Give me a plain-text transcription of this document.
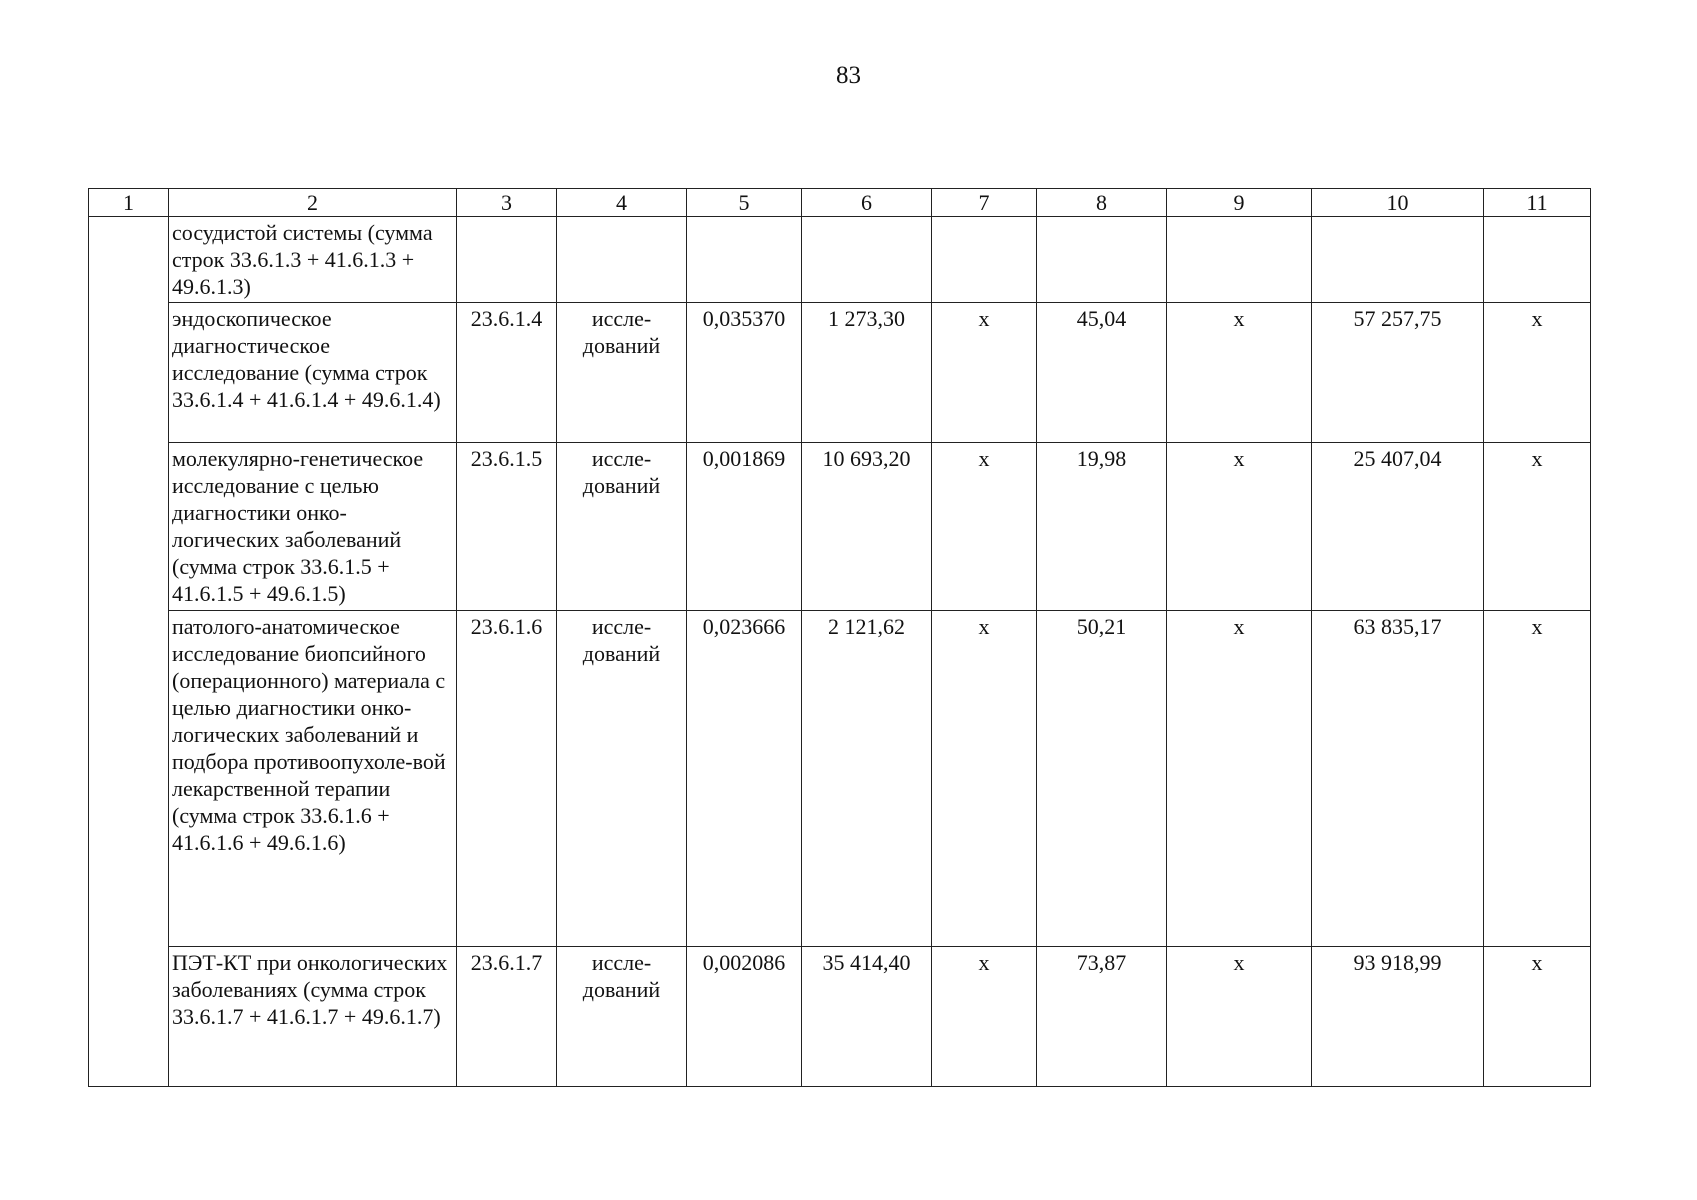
83
1	2	3	4	5	6	7	8	9	10	11
	сосудистой системы (сумма строк 33.6.1.3 + 41.6.1.3 + 49.6.1.3)									
	эндоскопическое диагностическое исследование (сумма строк 33.6.1.4 + 41.6.1.4 + 49.6.1.4)	23.6.1.4	иссле-дований	0,035370	1 273,30	х	45,04	х	57 257,75	х
	молекулярно-генетическое исследование с целью диагностики онко-логических заболеваний (сумма строк 33.6.1.5 + 41.6.1.5 + 49.6.1.5)	23.6.1.5	иссле-дований	0,001869	10 693,20	х	19,98	х	25 407,04	х
	патолого-анатомическое исследование биопсийного (операционного) материала с целью диагностики онко-логических заболеваний и подбора противоопухоле-вой лекарственной терапии (сумма строк 33.6.1.6 + 41.6.1.6 + 49.6.1.6)	23.6.1.6	иссле-дований	0,023666	2 121,62	х	50,21	х	63 835,17	х
	ПЭТ-КТ при онкологических заболеваниях (сумма строк 33.6.1.7 + 41.6.1.7 + 49.6.1.7)	23.6.1.7	иссле-дований	0,002086	35 414,40	х	73,87	х	93 918,99	х
